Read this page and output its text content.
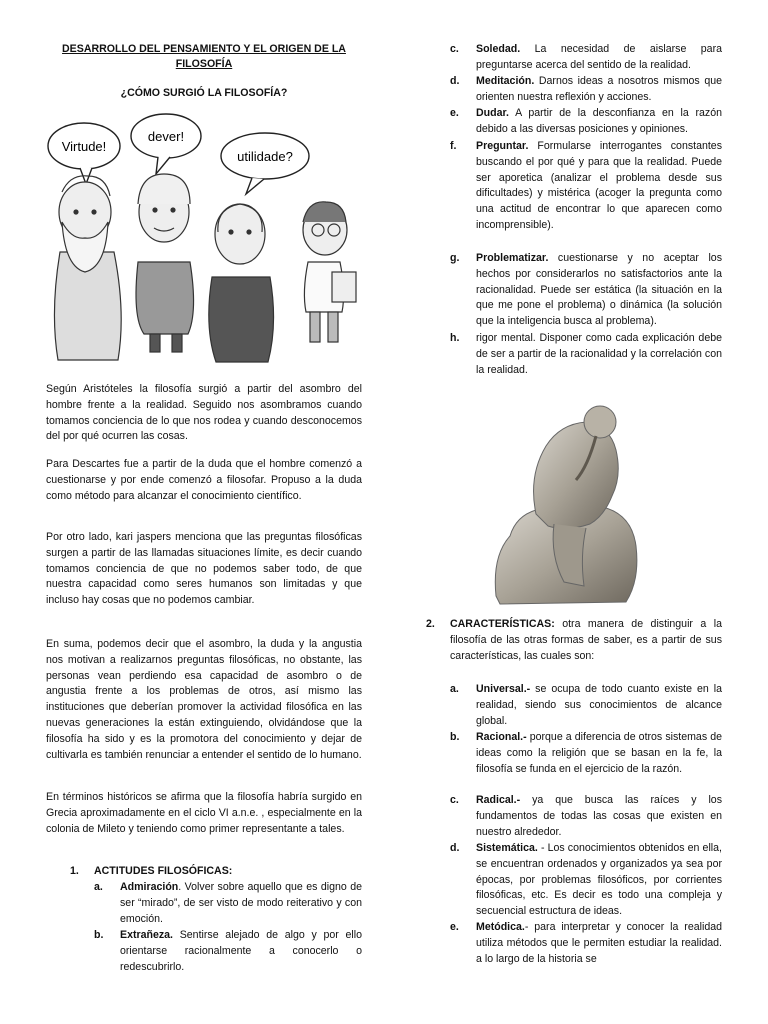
DESARROLLO DEL PENSAMIENTO Y EL ORIGEN DE LA FILOSOFÍA
¿CÓMO SURGIÓ LA FILOSOFÍA?
Virtude!
dever!
utilidade?

Según Aristóteles la filosofía surgió a partir del asombro del hombre frente a la realidad. Seguido nos asombramos cuando tomamos conciencia de lo que nos rodea y cuando desconocemos del por qué ocurren las cosas.

Para Descartes fue a partir de la duda que el hombre comenzó a cuestionarse y por ende comenzó a filosofar. Propuso a la duda como método para alcanzar el conocimiento científico.

Por otro lado, kari jaspers menciona que las preguntas filosóficas surgen a partir de las llamadas situaciones límite, es decir cuando tomamos conciencia de que no podemos saber todo, de que nuestra capacidad como seres humanos son limitadas y que incluso hay cosas que no podemos cambiar.

En suma, podemos decir que el asombro, la duda y la angustia nos motivan a realizarnos preguntas filosóficas, no obstante, las personas vean perdiendo esa capacidad de asombro o de angustia frente a los problemas de otros, así mismo las instituciones que deberían promover la actividad filosófica en las nuevas generaciones la están extinguiendo, olvidándose que la filosofía ha sido y es la promotora del conocimiento y dejar de cultivarla es también renunciar a entender el sentido de lo humano.

En términos históricos se afirma que la filosofía habría surgido en Grecia aproximadamente en el ciclo VI a.n.e. , especialmente en la colonia de Mileto y teniendo como primer representante a tales.

1. ACTITUDES FILOSÓFICAS:
a.	Admiración. Volver sobre aquello que es digno de ser “mirado”, de ser visto de modo reiterativo y con emoción.
b.	Extrañeza. Sentirse alejado de algo y por ello orientarse racionalmente a conocerlo o redescubrirlo.
c.	Soledad. La necesidad de aislarse para preguntarse acerca del sentido de la realidad.
d.	Meditación. Darnos ideas a nosotros mismos que orienten nuestra reflexión y acciones.
e.	Dudar. A partir de la desconfianza en la razón debido a las diversas posiciones y opiniones.
f.	Preguntar. Formularse interrogantes constantes buscando el por qué y para que la realidad. Puede ser aporetica (analizar el problema desde sus dificultades) y mistérica (acoger la pregunta como una actitud de encontrar lo que aparecen como incomprensible).
g.	Problematizar. cuestionarse y no aceptar los hechos por considerarlos no satisfactorios ante la racionalidad. Puede ser estática (la situación en la que me pone el problema) o dinámica (la solución que la inteligencia busca al problema).
h.	rigor mental. Disponer como cada explicación debe de ser a partir de la racionalidad y la correlación con la realidad.
2.	CARACTERÍSTICAS: otra manera de distinguir a la filosofía de las otras formas de saber, es a partir de sus características, las cuales son:
a.	Universal.- se ocupa de todo cuanto existe en la realidad, siendo sus conocimientos de alcance global.
b.	Racional.- porque a diferencia de otros sistemas de ideas como la religión que se basan en la fe, la filosofía se funda en el ejercicio de la razón.
c.	Radical.- ya que busca las raíces y los fundamentos de todas las cosas que existen en nuestro alrededor.
d.	Sistemática. - Los conocimientos obtenidos en ella, se encuentran ordenados y organizados ya sea por épocas, por problemas filosóficos, por corrientes filosóficas, etc. Es decir es todo una compleja y secuencial estructura de ideas.
e.	Metódica.- para interpretar y conocer la realidad utiliza métodos que le permiten estudiar la realidad. a lo largo de la historia se
